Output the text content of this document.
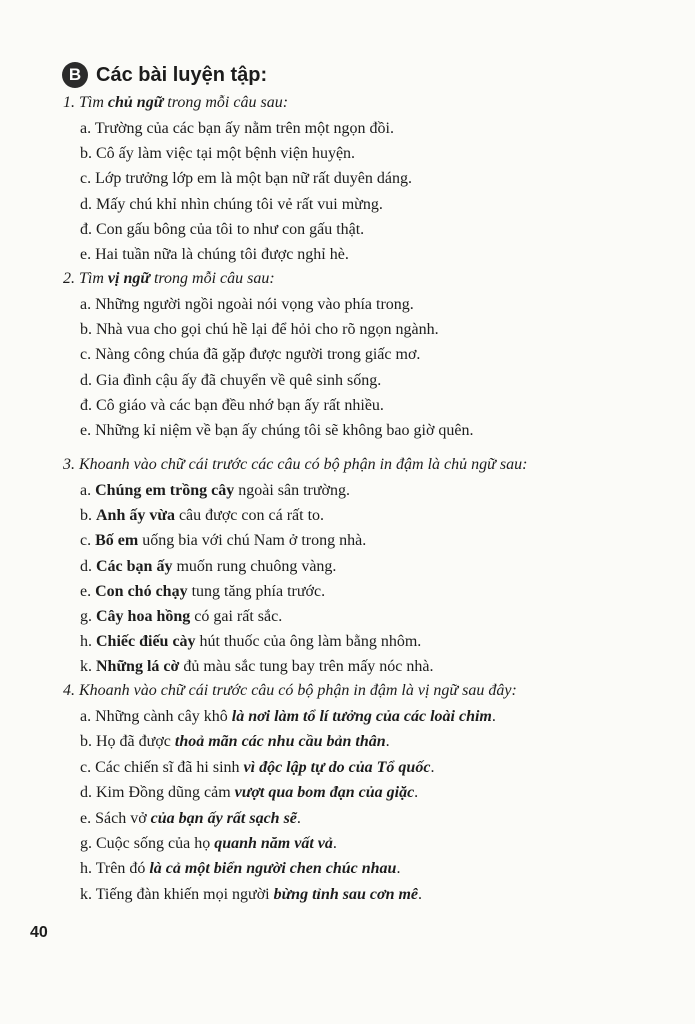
B Các bài luyện tập:
1. Tìm chủ ngữ trong mỗi câu sau:
a. Trường của các bạn ấy nằm trên một ngọn đồi.
b. Cô ấy làm việc tại một bệnh viện huyện.
c. Lớp trưởng lớp em là một bạn nữ rất duyên dáng.
d. Mấy chú khỉ nhìn chúng tôi vẻ rất vui mừng.
đ. Con gấu bông của tôi to như con gấu thật.
e. Hai tuần nữa là chúng tôi được nghỉ hè.
2. Tìm vị ngữ trong mỗi câu sau:
a. Những người ngồi ngoài nói vọng vào phía trong.
b. Nhà vua cho gọi chú hề lại để hỏi cho rõ ngọn ngành.
c. Nàng công chúa đã gặp được người trong giấc mơ.
d. Gia đình cậu ấy đã chuyển về quê sinh sống.
đ. Cô giáo và các bạn đều nhớ bạn ấy rất nhiều.
e. Những kỉ niệm về bạn ấy chúng tôi sẽ không bao giờ quên.
3. Khoanh vào chữ cái trước các câu có bộ phận in đậm là chủ ngữ sau:
a. Chúng em trồng cây ngoài sân trường.
b. Anh ấy vừa câu được con cá rất to.
c. Bố em uống bia với chú Nam ở trong nhà.
d. Các bạn ấy muốn rung chuông vàng.
e. Con chó chạy tung tăng phía trước.
g. Cây hoa hồng có gai rất sắc.
h. Chiếc điếu cày hút thuốc của ông làm bằng nhôm.
k. Những lá cờ đủ màu sắc tung bay trên mấy nóc nhà.
4. Khoanh vào chữ cái trước câu có bộ phận in đậm là vị ngữ sau đây:
a. Những cành cây khô là nơi làm tổ lí tưởng của các loài chim.
b. Họ đã được thoả mãn các nhu cầu bản thân.
c. Các chiến sĩ đã hi sinh vì độc lập tự do của Tổ quốc.
d. Kim Đồng dũng cảm vượt qua bom đạn của giặc.
e. Sách vở của bạn ấy rất sạch sẽ.
g. Cuộc sống của họ quanh năm vất vả.
h. Trên đó là cả một biển người chen chúc nhau.
k. Tiếng đàn khiến mọi người bừng tỉnh sau cơn mê.
40
